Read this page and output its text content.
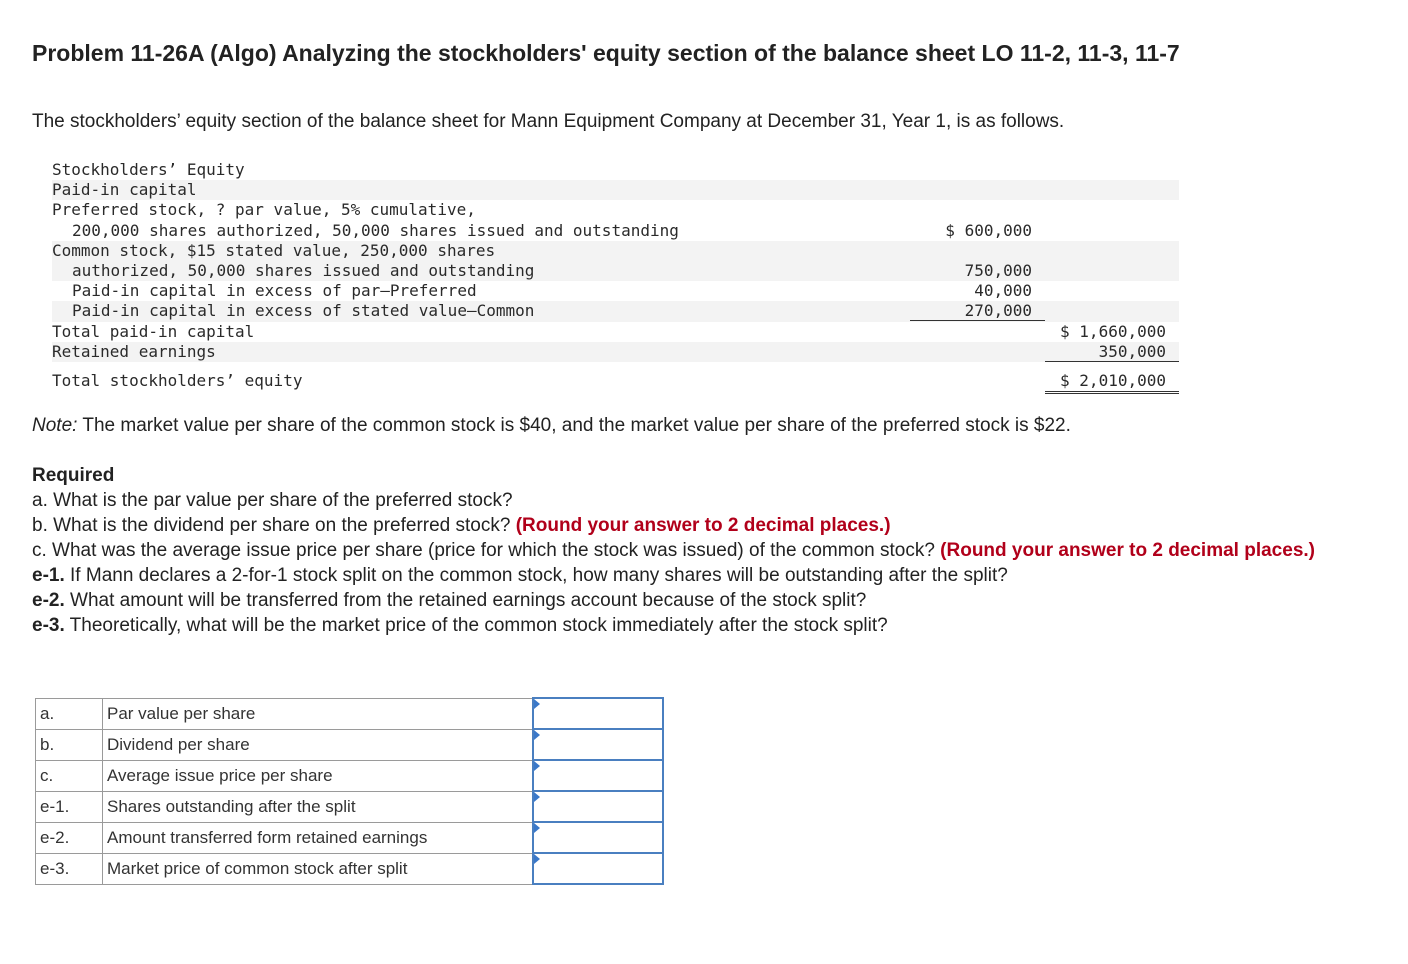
Problem 11-26A (Algo) Analyzing the stockholders' equity section of the balance sheet LO 11-2, 11-3, 11-7
The stockholders’ equity section of the balance sheet for Mann Equipment Company at December 31, Year 1, is as follows.
Stockholders’ Equity
Paid-in capital
Preferred stock, ? par value, 5% cumulative,
200,000 shares authorized, 50,000 shares issued and outstanding	$ 600,000
Common stock, $15 stated value, 250,000 shares
authorized, 50,000 shares issued and outstanding	750,000
Paid-in capital in excess of par—Preferred	40,000
Paid-in capital in excess of stated value—Common	270,000
Total paid-in capital	$ 1,660,000
Retained earnings	350,000
Total stockholders’ equity	$ 2,010,000
Note: The market value per share of the common stock is $40, and the market value per share of the preferred stock is $22.
Required
a. What is the par value per share of the preferred stock?
b. What is the dividend per share on the preferred stock? (Round your answer to 2 decimal places.)
c. What was the average issue price per share (price for which the stock was issued) of the common stock? (Round your answer to 2 decimal places.)
e-1. If Mann declares a 2-for-1 stock split on the common stock, how many shares will be outstanding after the split?
e-2. What amount will be transferred from the retained earnings account because of the stock split?
e-3. Theoretically, what will be the market price of the common stock immediately after the stock split?
a.	Par value per share	

b.	Dividend per share	

c.	Average issue price per share	

e-1.	Shares outstanding after the split	

e-2.	Amount transferred form retained earnings	

e-3.	Market price of common stock after split	
